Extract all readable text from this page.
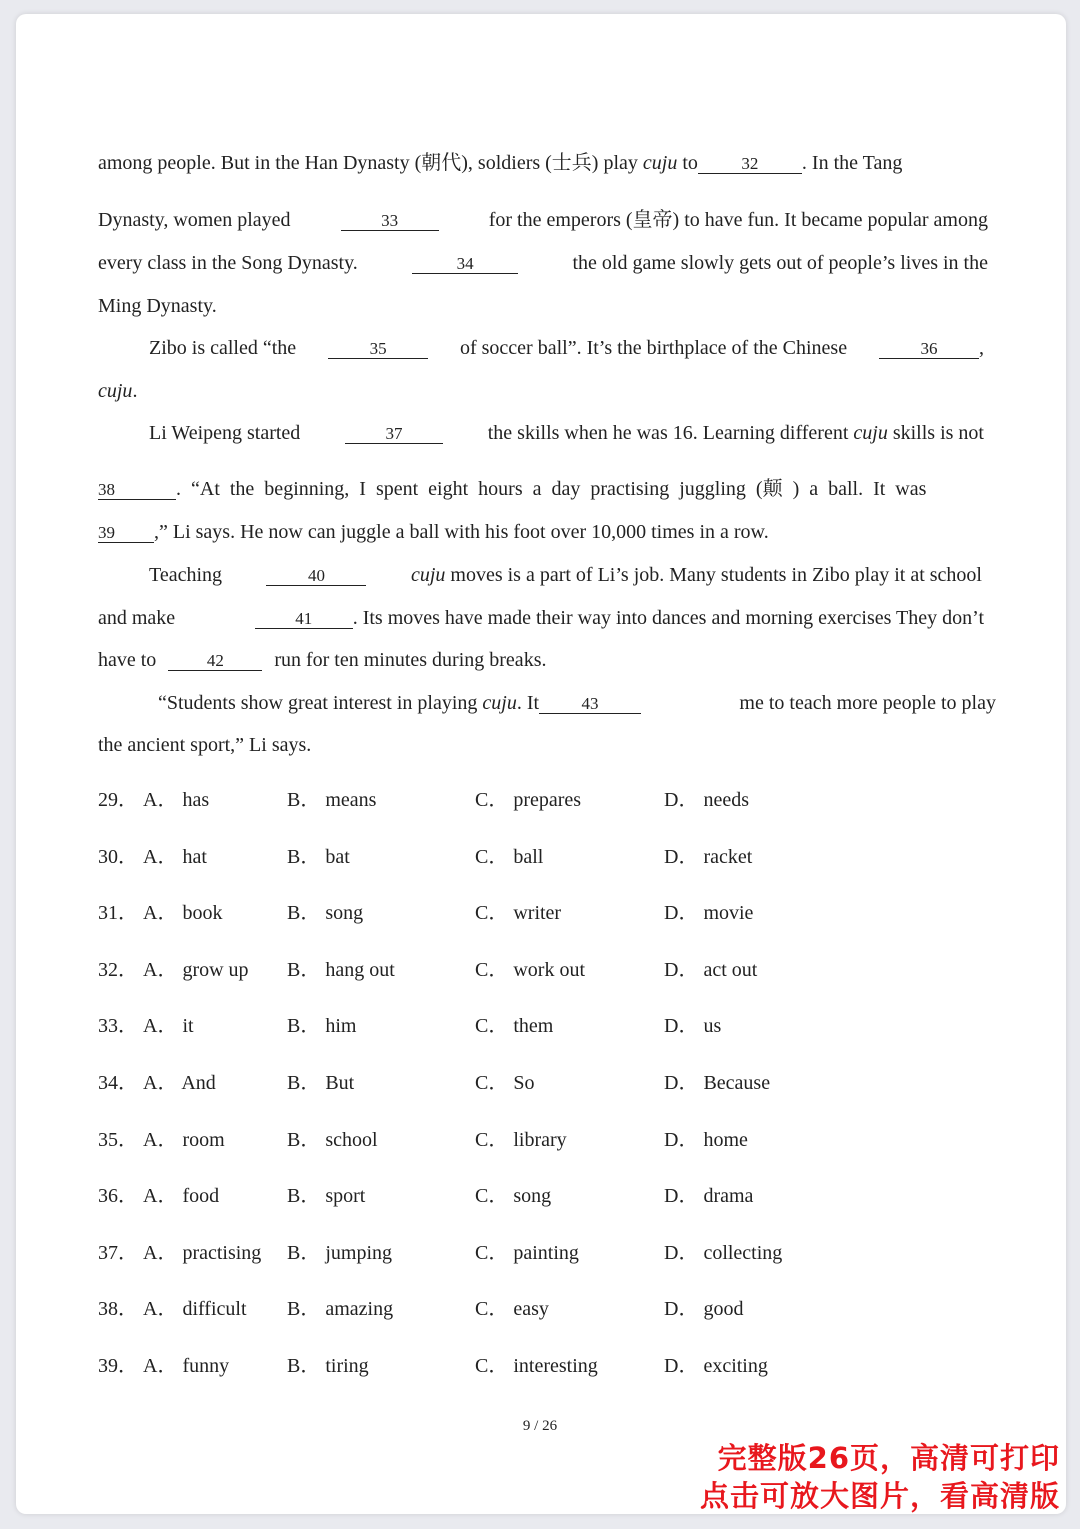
among people. But in the Han Dynasty (朝代), soldiers (士兵) play cuju to	32 . In the Tang
Dynasty, women played	33	for the emperors (皇帝) to have fun. It became popular among
every class in the Song Dynasty.	34	the old game slowly gets out of people’s lives in the
Ming Dynasty.
Zibo is called “the	35	of soccer ball”. It’s the birthplace of the Chinese	36 ,
cuju .
Li Weipeng started	37	the skills when he was 16. Learning different cuju skills is not
38	. “At the beginning, I spent eight hours a day practising juggling (颠 ) a ball. It was
39	,” Li says. He now can juggle a ball with his foot over 10,000 times in a row.
Teaching	40	cuju moves is a part of Li’s job. Many students in Zibo play it at school
and make	41 . Its moves have made their way into dances and morning exercises They don’t
have to	42	run for ten minutes during breaks.
“Students show great interest in playing cuju. It	43	me to teach more people to play
the ancient sport,” Li says.
29． A． has	B． means	C． prepares	D． needs
30． A． hat	B． bat	C． ball	D． racket
31． A． book	B． song	C． writer	D． movie
32． A． grow up B． hang out	C． work out	D． act out
33． A． it	B． him	C． them	D． us
34． A． And	B． But	C． So	D． Because
35． A． room	B． school	C． library	D． home
36． A． food	B． sport	C． song	D． drama
37． A． practising B． jumping	C． painting	D． collecting
38． A． difficult B． amazing	C． easy	D． good
39． A． funny	B． tiring	C． interesting	D． exciting
9 / 26
完整版26页，高清可打印
点击可放大图片，看高清版
